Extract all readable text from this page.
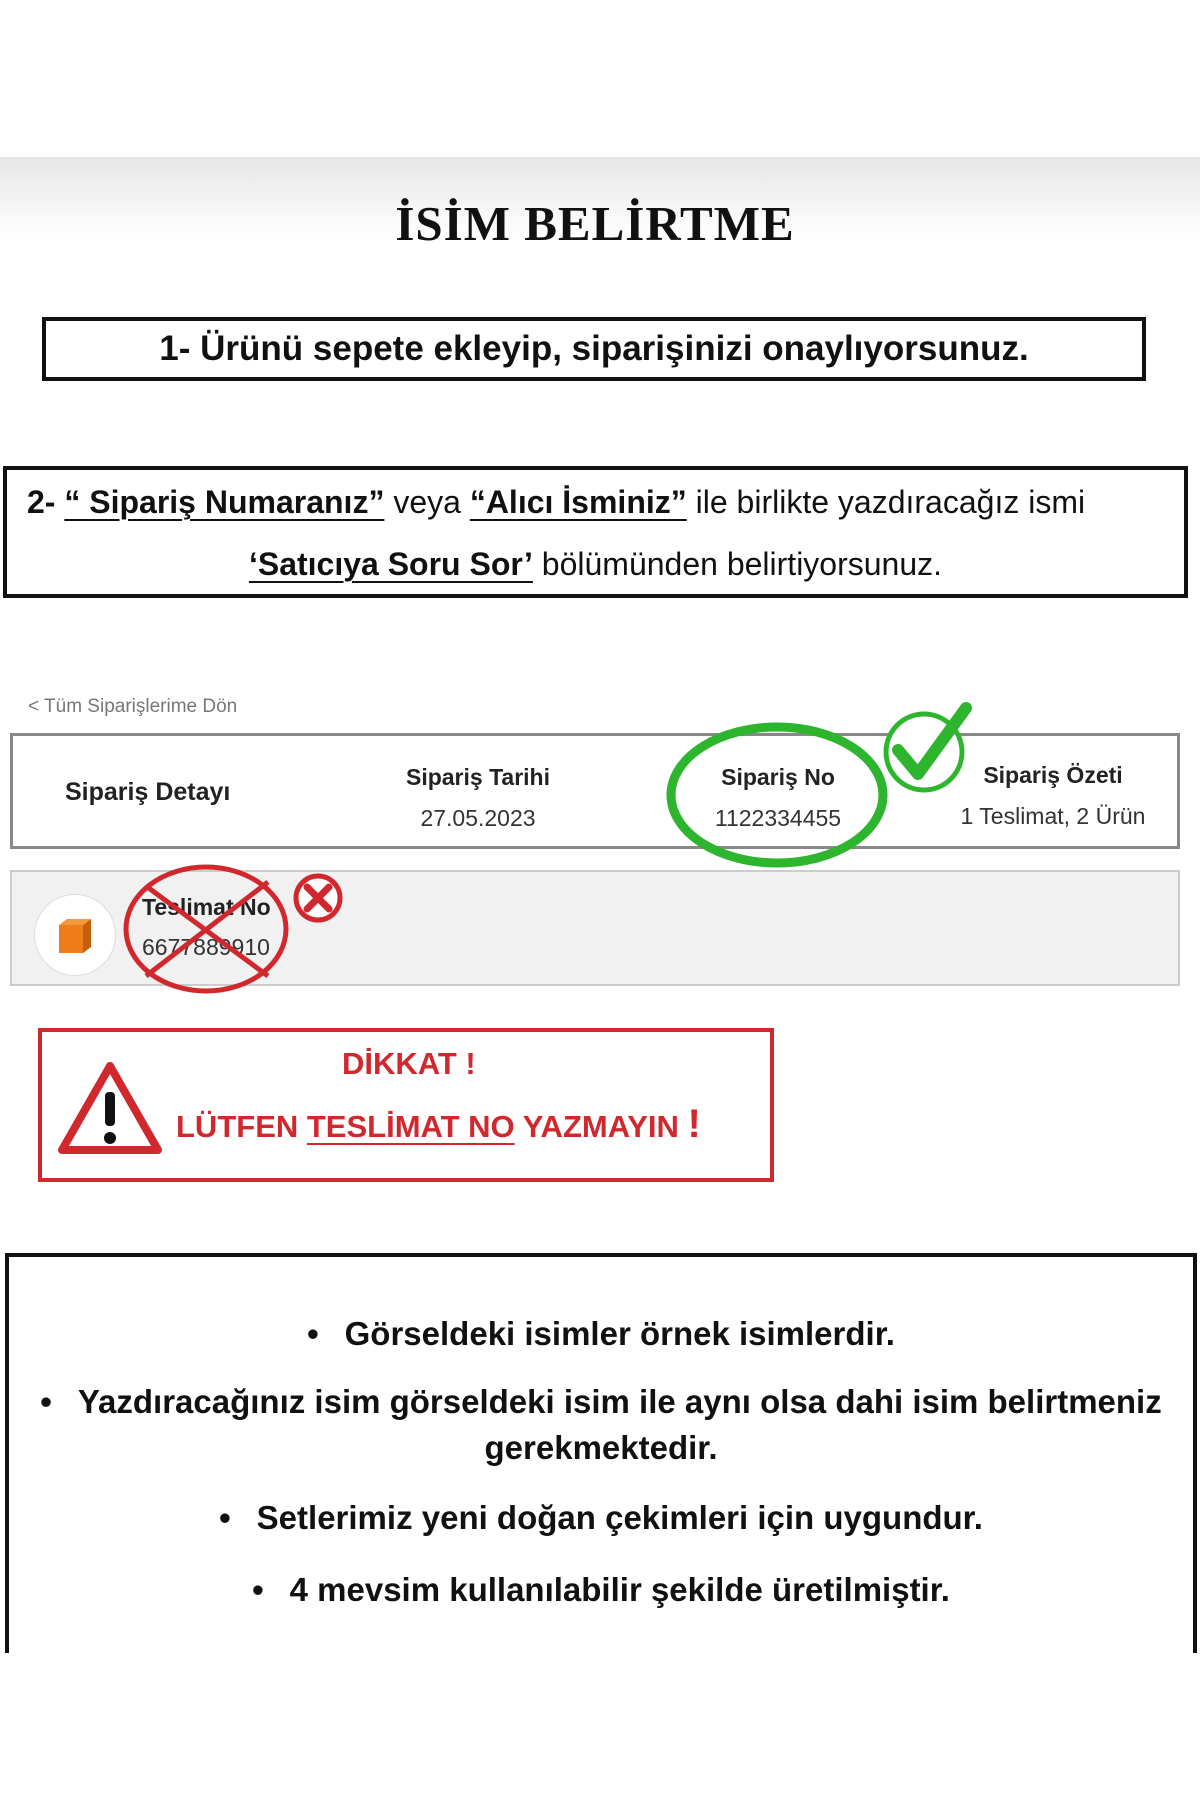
İSİM BELİRTME
1- Ürünü sepete ekleyip, siparişinizi onaylıyorsunuz.
2- “ Sipariş Numaranız” veya “Alıcı İsminiz” ile birlikte yazdıracağız ismi
‘Satıcıya Soru Sor’ bölümünden belirtiyorsunuz.
< Tüm Siparişlerime Dön
Sipariş Detayı
Sipariş Tarihi
27.05.2023
Sipariş No
1122334455
Sipariş Özeti
1 Teslimat, 2 Ürün
Teslimat No
6677889910
DİKKAT !
LÜTFEN TESLİMAT NO YAZMAYIN !
• Görseldeki isimler örnek isimlerdir.
• Yazdıracağınız isim görseldeki isim ile aynı olsa dahi isim belirtmeniz gerekmektedir.
• Setlerimiz yeni doğan çekimleri için uygundur.
• 4 mevsim kullanılabilir şekilde üretilmiştir.
